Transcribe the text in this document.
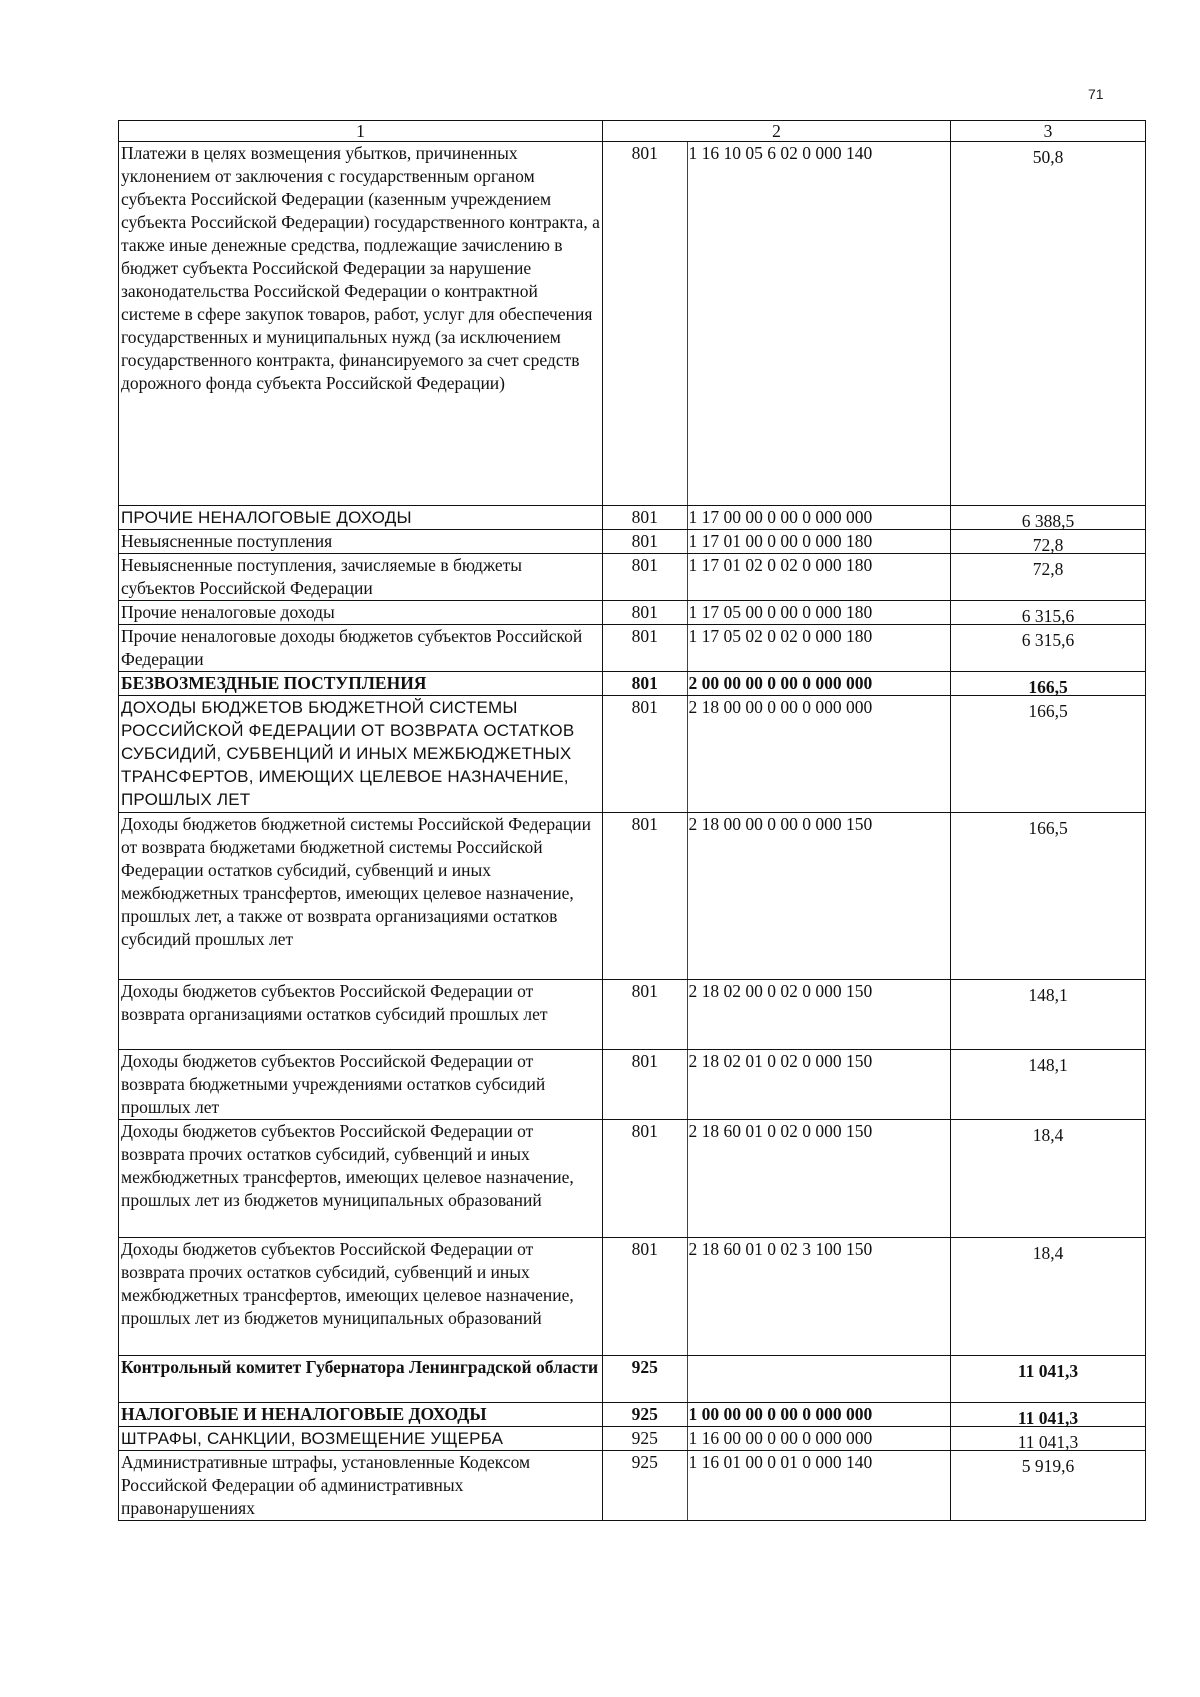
71
1	2		3
Платежи в целях возмещения убытков, причиненных уклонением от заключения с государственным органом субъекта Российской Федерации (казенным учреждением субъекта Российской Федерации) государственного контракта, а также иные денежные средства, подлежащие зачислению в бюджет субъекта Российской Федерации за нарушение законодательства Российской Федерации о контрактной системе в сфере закупок товаров, работ, услуг для обеспечения государственных и муниципальных нужд (за исключением государственного контракта, финансируемого за счет средств дорожного фонда субъекта Российской Федерации)	801	1 16 10 05 6 02 0 000 140	50,8
ПРОЧИЕ НЕНАЛОГОВЫЕ ДОХОДЫ	801	1 17 00 00 0 00 0 000 000	6 388,5
Невыясненные поступления	801	1 17 01 00 0 00 0 000 180	72,8
Невыясненные поступления, зачисляемые в бюджеты субъектов Российской Федерации	801	1 17 01 02 0 02 0 000 180	72,8
Прочие неналоговые доходы	801	1 17 05 00 0 00 0 000 180	6 315,6
Прочие неналоговые доходы бюджетов субъектов Российской Федерации	801	1 17 05 02 0 02 0 000 180	6 315,6
БЕЗВОЗМЕЗДНЫЕ ПОСТУПЛЕНИЯ	801	2 00 00 00 0 00 0 000 000	166,5
ДОХОДЫ БЮДЖЕТОВ БЮДЖЕТНОЙ СИСТЕМЫ РОССИЙСКОЙ ФЕДЕРАЦИИ ОТ ВОЗВРАТА ОСТАТКОВ СУБСИДИЙ, СУБВЕНЦИЙ И ИНЫХ МЕЖБЮДЖЕТНЫХ ТРАНСФЕРТОВ, ИМЕЮЩИХ ЦЕЛЕВОЕ НАЗНАЧЕНИЕ, ПРОШЛЫХ ЛЕТ	801	2 18 00 00 0 00 0 000 000	166,5
Доходы бюджетов бюджетной системы Российской Федерации от возврата бюджетами бюджетной системы Российской Федерации остатков субсидий, субвенций и иных межбюджетных трансфертов, имеющих целевое назначение, прошлых лет, а также от возврата организациями остатков субсидий прошлых лет	801	2 18 00 00 0 00 0 000 150	166,5
Доходы бюджетов субъектов Российской Федерации от возврата организациями остатков субсидий прошлых лет	801	2 18 02 00 0 02 0 000 150	148,1
Доходы бюджетов субъектов Российской Федерации от возврата бюджетными учреждениями остатков субсидий прошлых лет	801	2 18 02 01 0 02 0 000 150	148,1
Доходы бюджетов субъектов Российской Федерации от возврата прочих остатков субсидий, субвенций и иных межбюджетных трансфертов, имеющих целевое назначение, прошлых лет из бюджетов муниципальных образований	801	2 18 60 01 0 02 0 000 150	18,4
Доходы бюджетов субъектов Российской Федерации от возврата прочих остатков субсидий, субвенций и иных межбюджетных трансфертов, имеющих целевое назначение, прошлых лет из бюджетов муниципальных образований	801	2 18 60 01 0 02 3 100 150	18,4
Контрольный комитет Губернатора Ленинградской области	925		11 041,3
НАЛОГОВЫЕ И НЕНАЛОГОВЫЕ ДОХОДЫ	925	1 00 00 00 0 00 0 000 000	11 041,3
ШТРАФЫ, САНКЦИИ, ВОЗМЕЩЕНИЕ УЩЕРБА	925	1 16 00 00 0 00 0 000 000	11 041,3
Административные штрафы, установленные Кодексом Российской Федерации об административных правонарушениях	925	1 16 01 00 0 01 0 000 140	5 919,6
